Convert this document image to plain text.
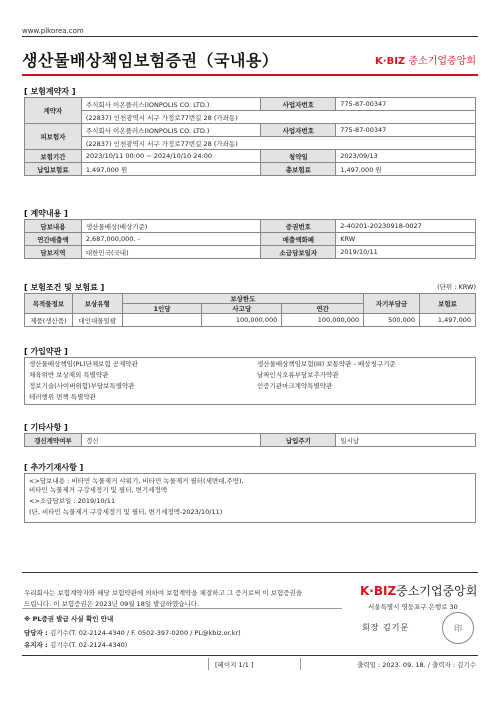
www.plkorea.com
생산물배상책임보험증권（국내용）	K·BIZ 중소기업중앙회
[ 보험계약자 ]
계약자	주식회사 이온플러스(IONPOLIS CO. LTD.)	사업자번호	775-87-00347
	(22837) 인천광역시 서구 가정로77번길 28 (가좌동)		
피보험자	주식회사 이온플러스(IONPOLIS CO. LTD.)	사업자번호	775-87-00347
	(22837) 인천광역시 서구 가정로77번길 28 (가좌동)		
보험기간	2023/10/11 00:00 ~ 2024/10/10 24:00	청약일	2023/09/13
납입보험료	1,497,000 원	총보험료	1,497,000 원
[ 계약내용 ]
담보내용	생산물배상(배상기준)	증권번호	2-40201-20230918-0027
연간매출액	2,687,000,000. -	매출액화폐	KRW
담보지역	대한민국(국내)	소급담보일자	2019/10/11
[ 보험조건 및 보험료 ]	(단위 : KRW)
목적물정보	보상유형	보상한도			자기부담금	보험료
		1인당	사고당	연간		
제품(생산품)	대인대물일괄		100,000,000	100,000,000	500,000	1,497,000
[ 가입약관 ]
생산물배상책임(PL)단체보험 공제약관
체육위반 보상제외 특별약관
정보기술(사이버위험)부담보특별약관
테러행위 면책 특별약관
생산물배상책임보험(III) 보통약관 - 배상청구기준
날짜인식오류부담보추가약관
인증기관마크계약특별약관
[ 기타사항 ]
갱신계약여부	갱신	납입주기	일시납
[ 추가기재사항 ]
<>담보내용 : 비타민 녹물제거 샤워기, 비타민 녹물제거 필터(세면대,주방),
비타민 녹물제거 구강세정기 및 필터, 변기세정액
<>소급담보일 : 2019/10/11
(단, 비타민 녹물제거 구강세정기 및 필터, 변기세정액-2023/10/11)
우리회사는 보험계약자와 해당 보험약관에 의하여 보험계약을 체결하고 그 증거로써 이 보험증권을
드립니다. 이 보험증권은 2023년 09월 18일 발급하였습니다.
K·BIZ중소기업중앙회
서울특별시 영등포구 은행로 30
회장 김기문	印
※ PL증권 발급 사실 확인 안내
담당자 : 김기수(T. 02-2124-4340 / F. 0502-397-0200 / PL@kbiz.or.kr)
유지자 : 김기수(T. 02-2124-4340)
[페이지 1/1 ]	출력일 : 2023. 09. 18. / 출력자 : 김기수
